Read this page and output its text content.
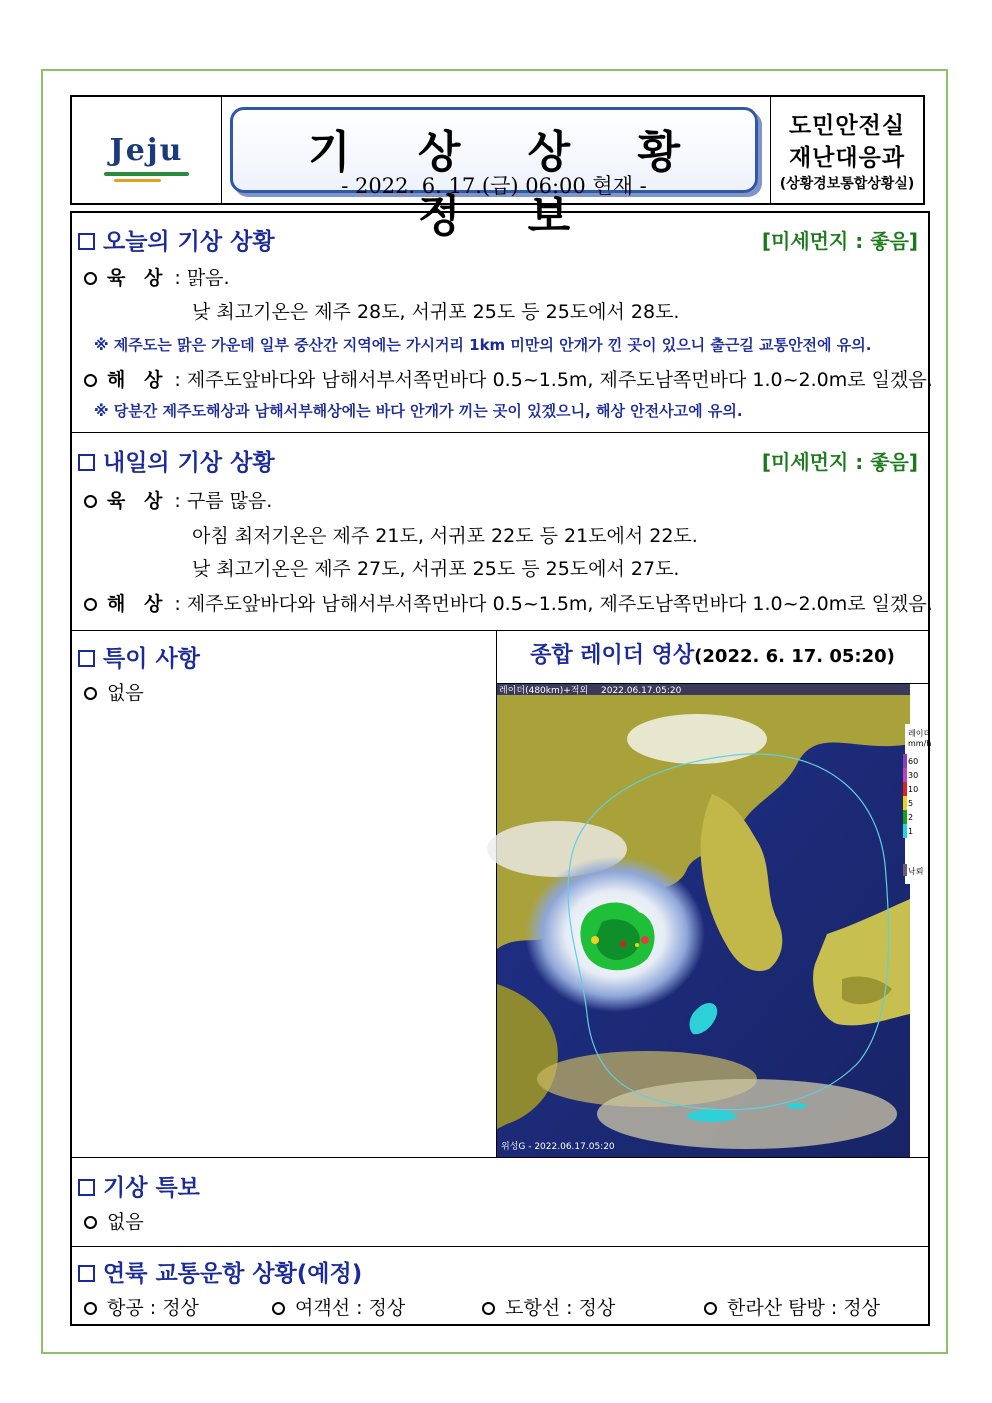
Jeju	기 상 상 황 정 보
- 2022. 6. 17.(금) 06:00 현재 -
도민안전실
재난대응과
(상황경보통합상황실)
오늘의 기상 상황	[미세먼지 : 좋음]
육 상 : 맑음.
낮 최고기온은 제주 28도, 서귀포 25도 등 25도에서 28도.
※ 제주도는 맑은 가운데 일부 중산간 지역에는 가시거리 1km 미만의 안개가 낀 곳이 있으니 출근길 교통안전에 유의.
해 상 : 제주도앞바다와 남해서부서쪽먼바다 0.5~1.5m, 제주도남쪽먼바다 1.0~2.0m로 일겠음.
※ 당분간 제주도해상과 남해서부해상에는 바다 안개가 끼는 곳이 있겠으니, 해상 안전사고에 유의.
내일의 기상 상황	[미세먼지 : 좋음]
육 상 : 구름 많음.
아침 최저기온은 제주 21도, 서귀포 22도 등 21도에서 22도.
낮 최고기온은 제주 27도, 서귀포 25도 등 25도에서 27도.
해 상 : 제주도앞바다와 남해서부서쪽먼바다 0.5~1.5m, 제주도남쪽먼바다 1.0~2.0m로 일겠음.
특이 사항
없음
종합 레이더 영상(2022. 6. 17. 05:20)
레이더(480km)+적외 2022.06.17.05:20
위성G - 2022.06.17.05:20
레이더
mm/h
60
30
10
5
2
1
낙뢰
기상 특보
없음
연륙 교통운항 상황(예정)
항공 : 정상	여객선 : 정상	도항선 : 정상	한라산 탐방 : 정상
